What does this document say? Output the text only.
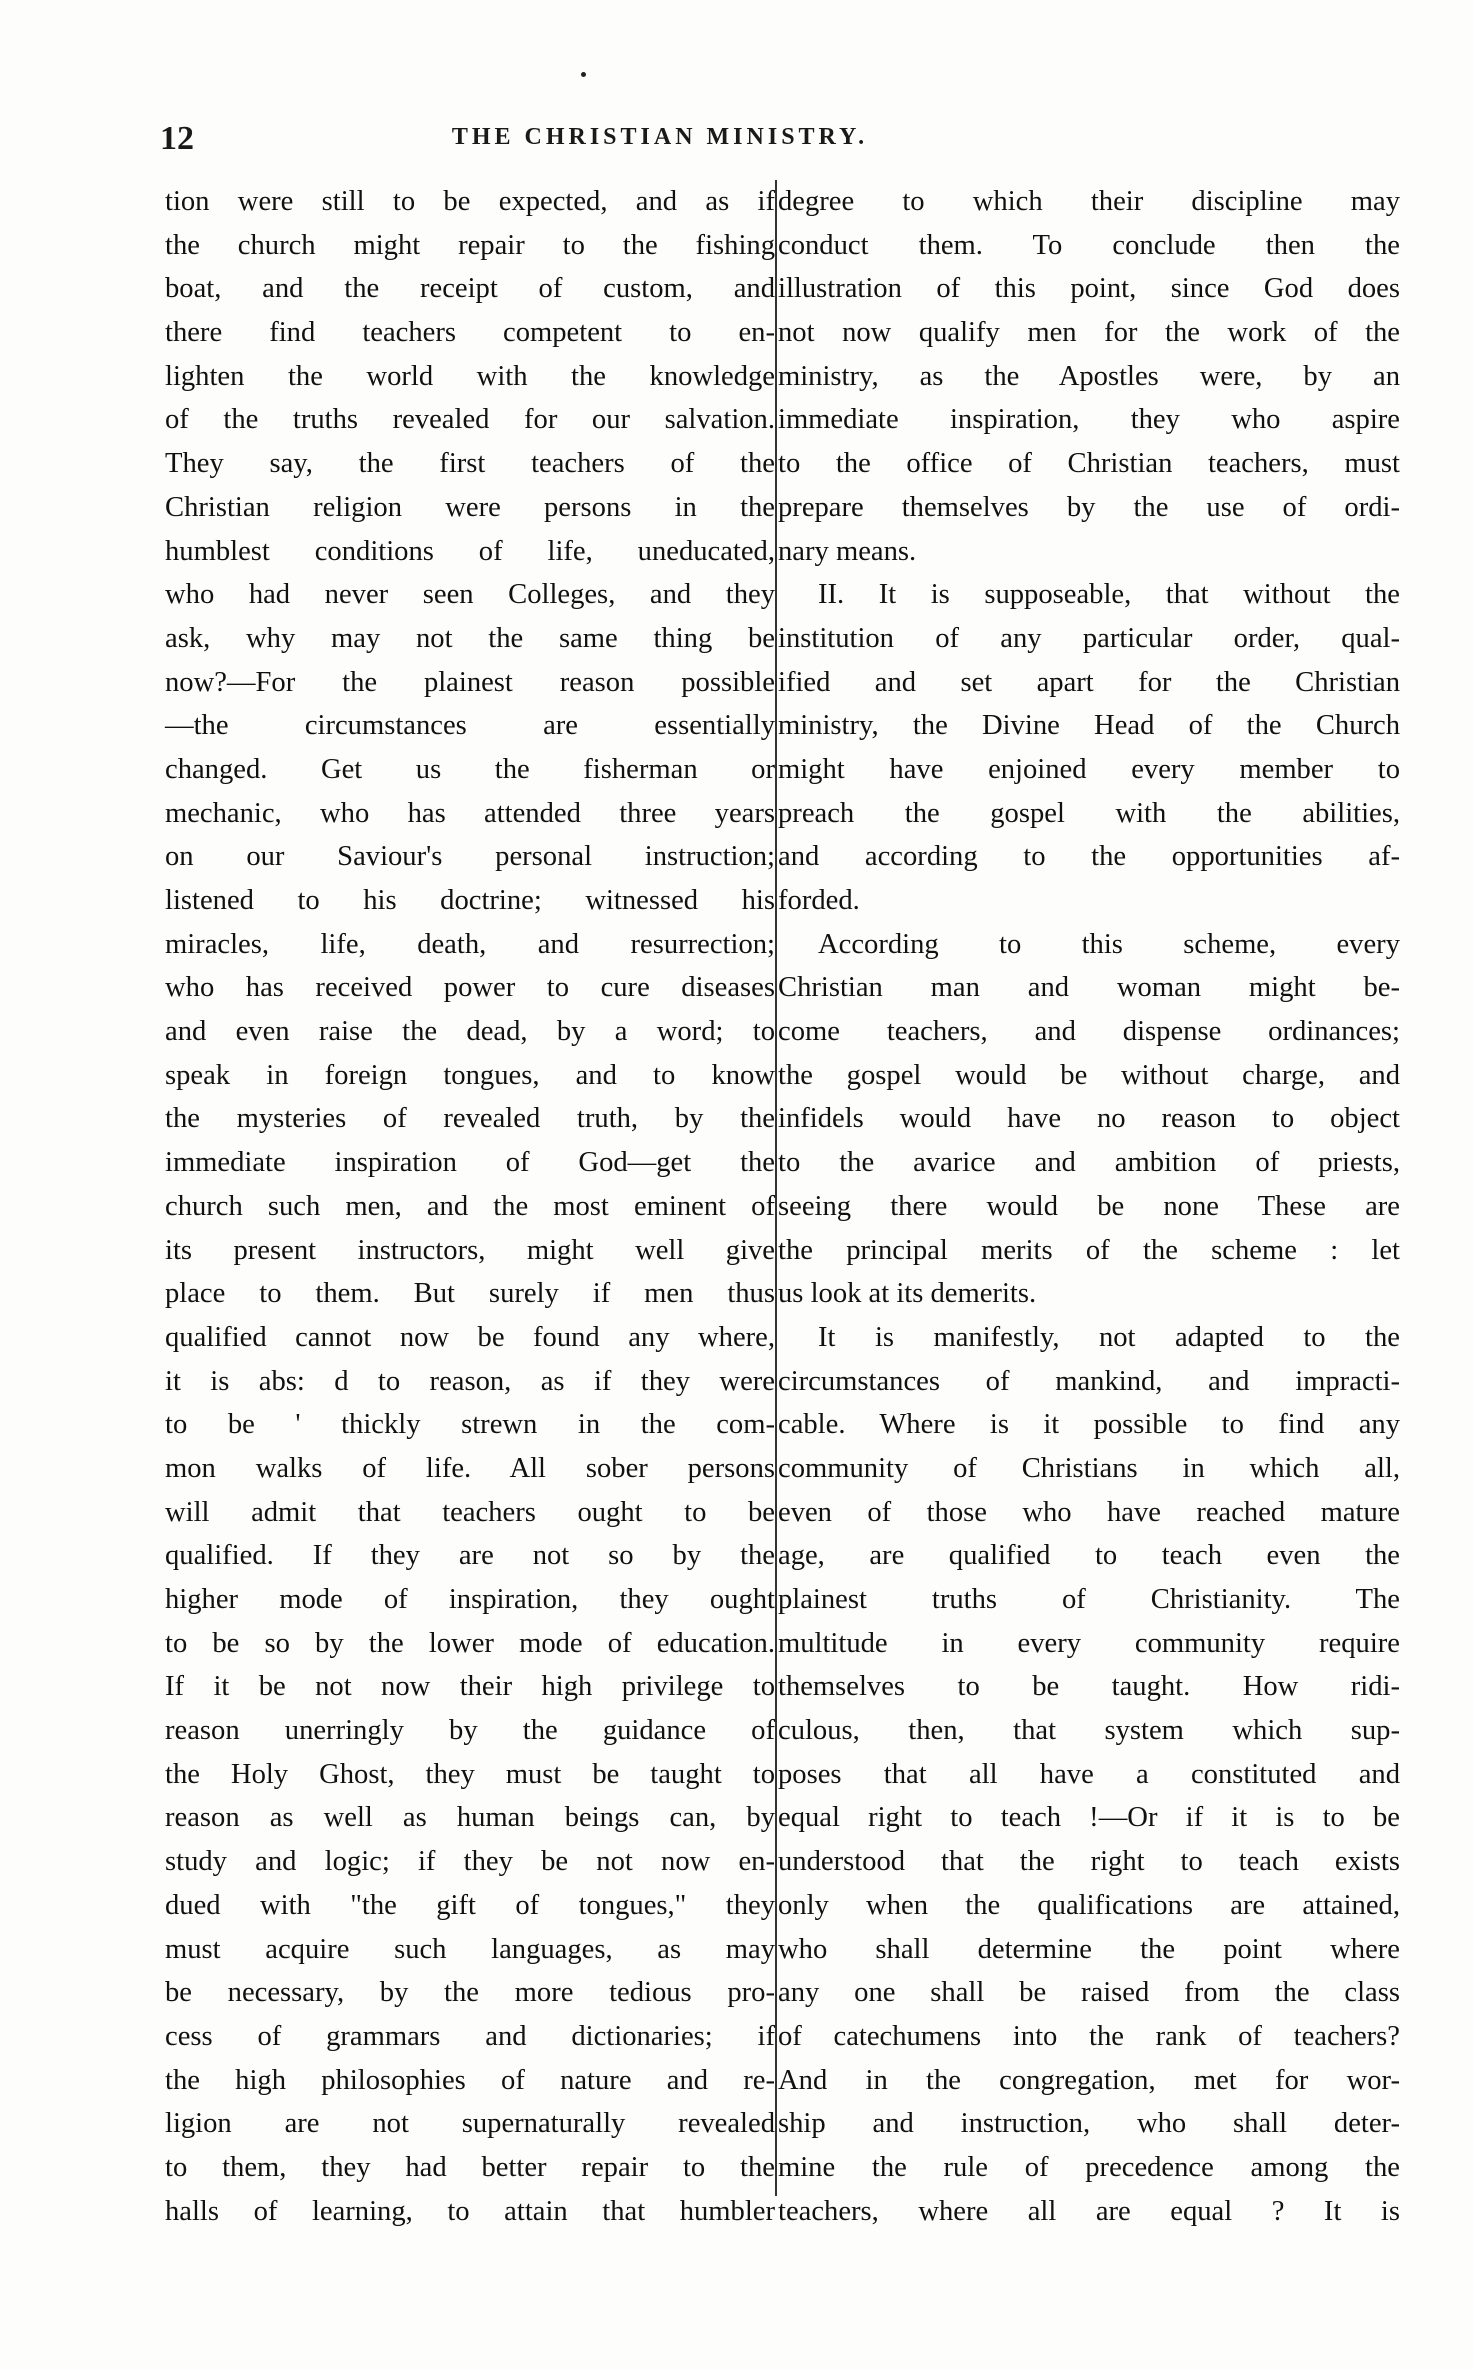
12	THE CHRISTIAN MINISTRY.
tion were still to be expected, and as if
the church might repair to the fishing
boat, and the receipt of custom, and
there find teachers competent to en-
lighten the world with the knowledge
of the truths revealed for our salvation.
They say, the first teachers of the
Christian religion were persons in the
humblest conditions of life, uneducated,
who had never seen Colleges, and they
ask, why may not the same thing be
now?—For the plainest reason possible
—the circumstances are essentially
changed. Get us the fisherman or
mechanic, who has attended three years
on our Saviour's personal instruction;
listened to his doctrine; witnessed his
miracles, life, death, and resurrection;
who has received power to cure diseases
and even raise the dead, by a word; to
speak in foreign tongues, and to know
the mysteries of revealed truth, by the
immediate inspiration of God—get the
church such men, and the most eminent of
its present instructors, might well give
place to them. But surely if men thus
qualified cannot now be found any where,
it is abs: d to reason, as if they were
to be ' thickly strewn in the com-
mon walks of life. All sober persons
will admit that teachers ought to be
qualified. If they are not so by the
higher mode of inspiration, they ought
to be so by the lower mode of education.
If it be not now their high privilege to
reason unerringly by the guidance of
the Holy Ghost, they must be taught to
reason as well as human beings can, by
study and logic; if they be not now en-
dued with "the gift of tongues," they
must acquire such languages, as may
be necessary, by the more tedious pro-
cess of grammars and dictionaries; if
the high philosophies of nature and re-
ligion are not supernaturally revealed
to them, they had better repair to the
halls of learning, to attain that humbler
degree to which their discipline may
conduct them. To conclude then the
illustration of this point, since God does
not now qualify men for the work of the
ministry, as the Apostles were, by an
immediate inspiration, they who aspire
to the office of Christian teachers, must
prepare themselves by the use of ordi-
nary means.
II. It is supposeable, that without the
institution of any particular order, qual-
ified and set apart for the Christian
ministry, the Divine Head of the Church
might have enjoined every member to
preach the gospel with the abilities,
and according to the opportunities af-
forded.
According to this scheme, every
Christian man and woman might be-
come teachers, and dispense ordinances;
the gospel would be without charge, and
infidels would have no reason to object
to the avarice and ambition of priests,
seeing there would be none These are
the principal merits of the scheme : let
us look at its demerits.
It is manifestly, not adapted to the
circumstances of mankind, and impracti-
cable. Where is it possible to find any
community of Christians in which all,
even of those who have reached mature
age, are qualified to teach even the
plainest truths of Christianity. The
multitude in every community require
themselves to be taught. How ridi-
culous, then, that system which sup-
poses that all have a constituted and
equal right to teach !—Or if it is to be
understood that the right to teach exists
only when the qualifications are attained,
who shall determine the point where
any one shall be raised from the class
of catechumens into the rank of teachers?
And in the congregation, met for wor-
ship and instruction, who shall deter-
mine the rule of precedence among the
teachers, where all are equal ? It is
